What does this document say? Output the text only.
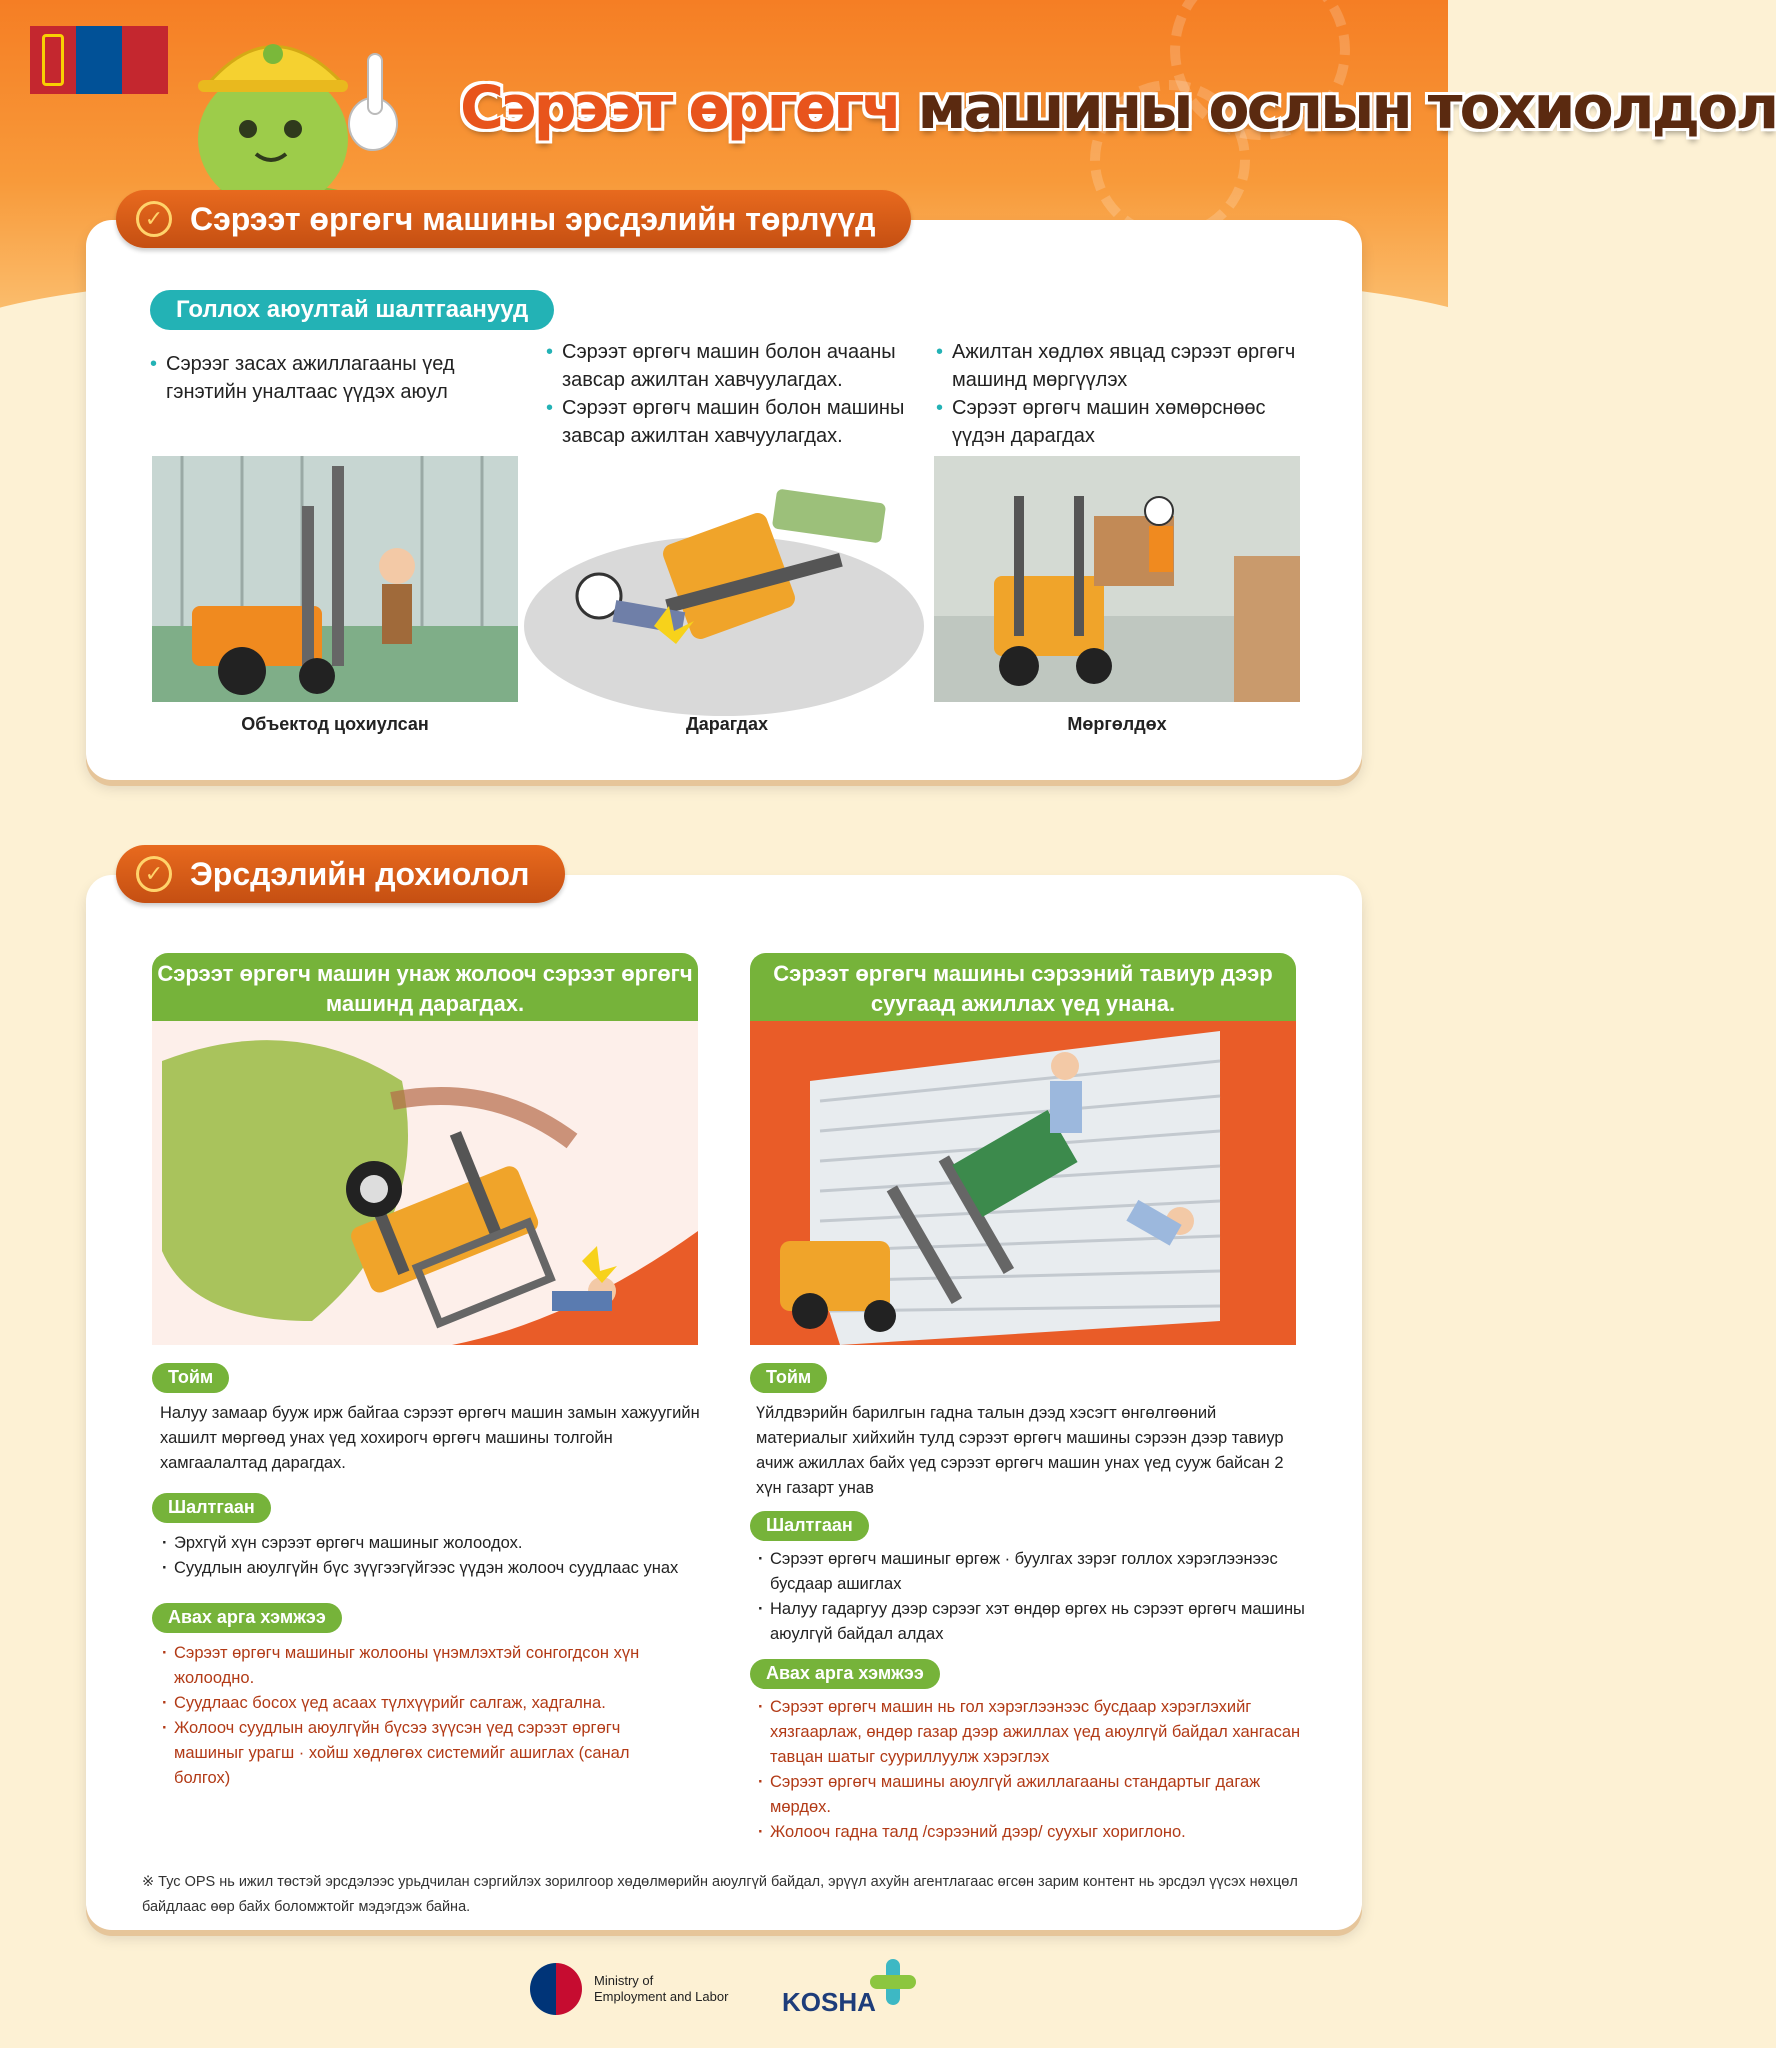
Сэрээт өргөгч машины ослын тохиолдол
✓ Сэрээт өргөгч машины эрсдэлийн төрлүүд
Голлох аюултай шалтгаанууд
• Сэрээг засах ажиллагааны үед гэнэтийн уналтаас үүдэх аюул
• Сэрээт өргөгч машин болон ачааны завсар ажилтан хавчуулагдах.
• Сэрээт өргөгч машин болон машины завсар ажилтан хавчуулагдах.
• Ажилтан хөдлөх явцад сэрээт өргөгч машинд мөргүүлэх
• Сэрээт өргөгч машин хөмөрснөөс үүдэн дарагдах
Объектод цохиулсан	Дарагдах	Мөргөлдөх
✓ Эрсдэлийн дохиолол
Сэрээт өргөгч машин унаж жолооч сэрээт өргөгч машинд дарагдах.
Тойм
Налуу замаар бууж ирж байгаа сэрээт өргөгч машин замын хажуугийн хашилт мөргөөд унах үед хохирогч өргөгч машины толгойн хамгаалалтад дарагдах.
Шалтгаан
· Эрхгүй хүн сэрээт өргөгч машиныг жолоодох.
· Суудлын аюулгүйн бүс зүүгээгүйгээс үүдэн жолооч суудлаас унах
Авах арга хэмжээ
· Сэрээт өргөгч машиныг жолооны үнэмлэхтэй сонгогдсон хүн жолоодно.
· Суудлаас босох үед асаах түлхүүрийг салгаж, хадгална.
· Жолооч суудлын аюулгүйн бүсээ зүүсэн үед сэрээт өргөгч машиныг урагш · хойш хөдлөгөх системийг ашиглах (санал болгох)
Сэрээт өргөгч машины сэрээний тавиур дээр суугаад ажиллах үед унана.
Тойм
Үйлдвэрийн барилгын гадна талын дээд хэсэгт өнгөлгөөний материалыг хийхийн тулд сэрээт өргөгч машины сэрээн дээр тавиур ачиж ажиллах байх үед сэрээт өргөгч машин унах үед сууж байсан 2 хүн газарт унав
Шалтгаан
· Сэрээт өргөгч машиныг өргөж · буулгах зэрэг голлох хэрэглээнээс бусдаар ашиглах
· Налуу гадаргуу дээр сэрээг хэт өндөр өргөх нь сэрээт өргөгч машины аюулгүй байдал алдах
Авах арга хэмжээ
· Сэрээт өргөгч машин нь гол хэрэглээнээс бусдаар хэрэглэхийг хязгаарлаж, өндөр газар дээр ажиллах үед аюулгүй байдал хангасан тавцан шатыг сууриллуулж хэрэглэх
· Сэрээт өргөгч машины аюулгүй ажиллагааны стандартыг дагаж мөрдөх.
· Жолооч гадна талд /сэрээний дээр/ суухыг хориглоно.
※ Тус OPS нь ижил төстэй эрсдэлээс урьдчилан сэргийлэх зорилгоор хөдөлмөрийн аюулгүй байдал, эрүүл ахуйн агентлагаас өгсөн зарим контент нь эрсдэл үүсэх нөхцөл байдлаас өөр байх боломжтойг мэдэгдэж байна.
Ministry of
Employment and Labor KOSHA
